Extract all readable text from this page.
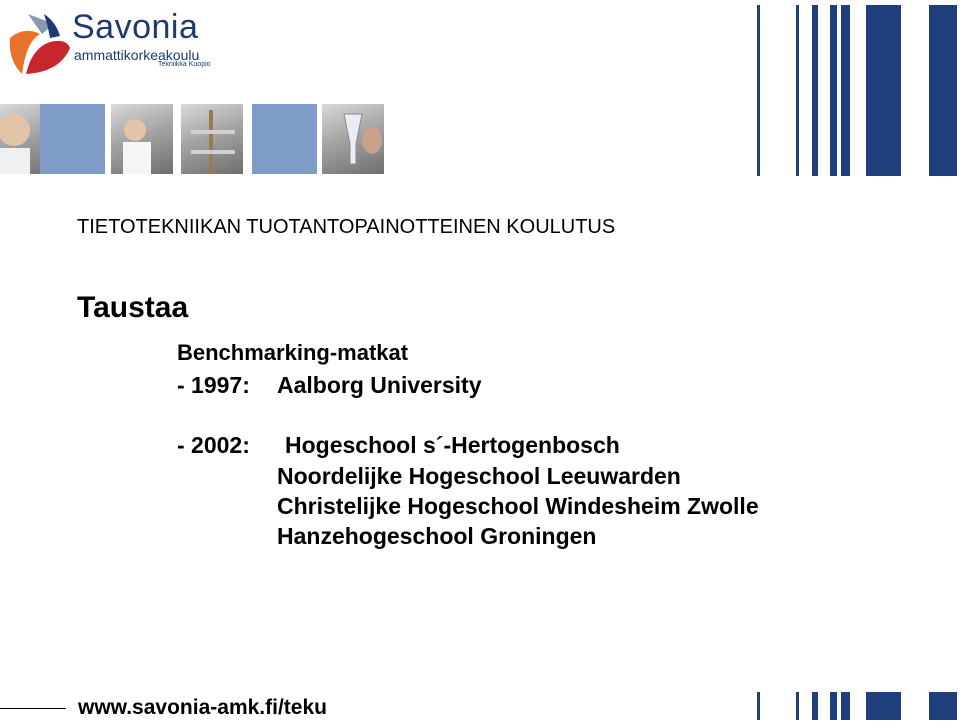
Savonia
ammattikorkeakoulu
Tekniikka Kuopio
TIETOTEKNIIKAN TUOTANTOPAINOTTEINEN KOULUTUS
Taustaa
Benchmarking-matkat
- 1997: Aalborg University
- 2002: Hogeschool s´-Hertogenbosch
Noordelijke Hogeschool Leeuwarden
Christelijke Hogeschool Windesheim Zwolle
Hanzehogeschool Groningen
www.savonia-amk.fi/teku
